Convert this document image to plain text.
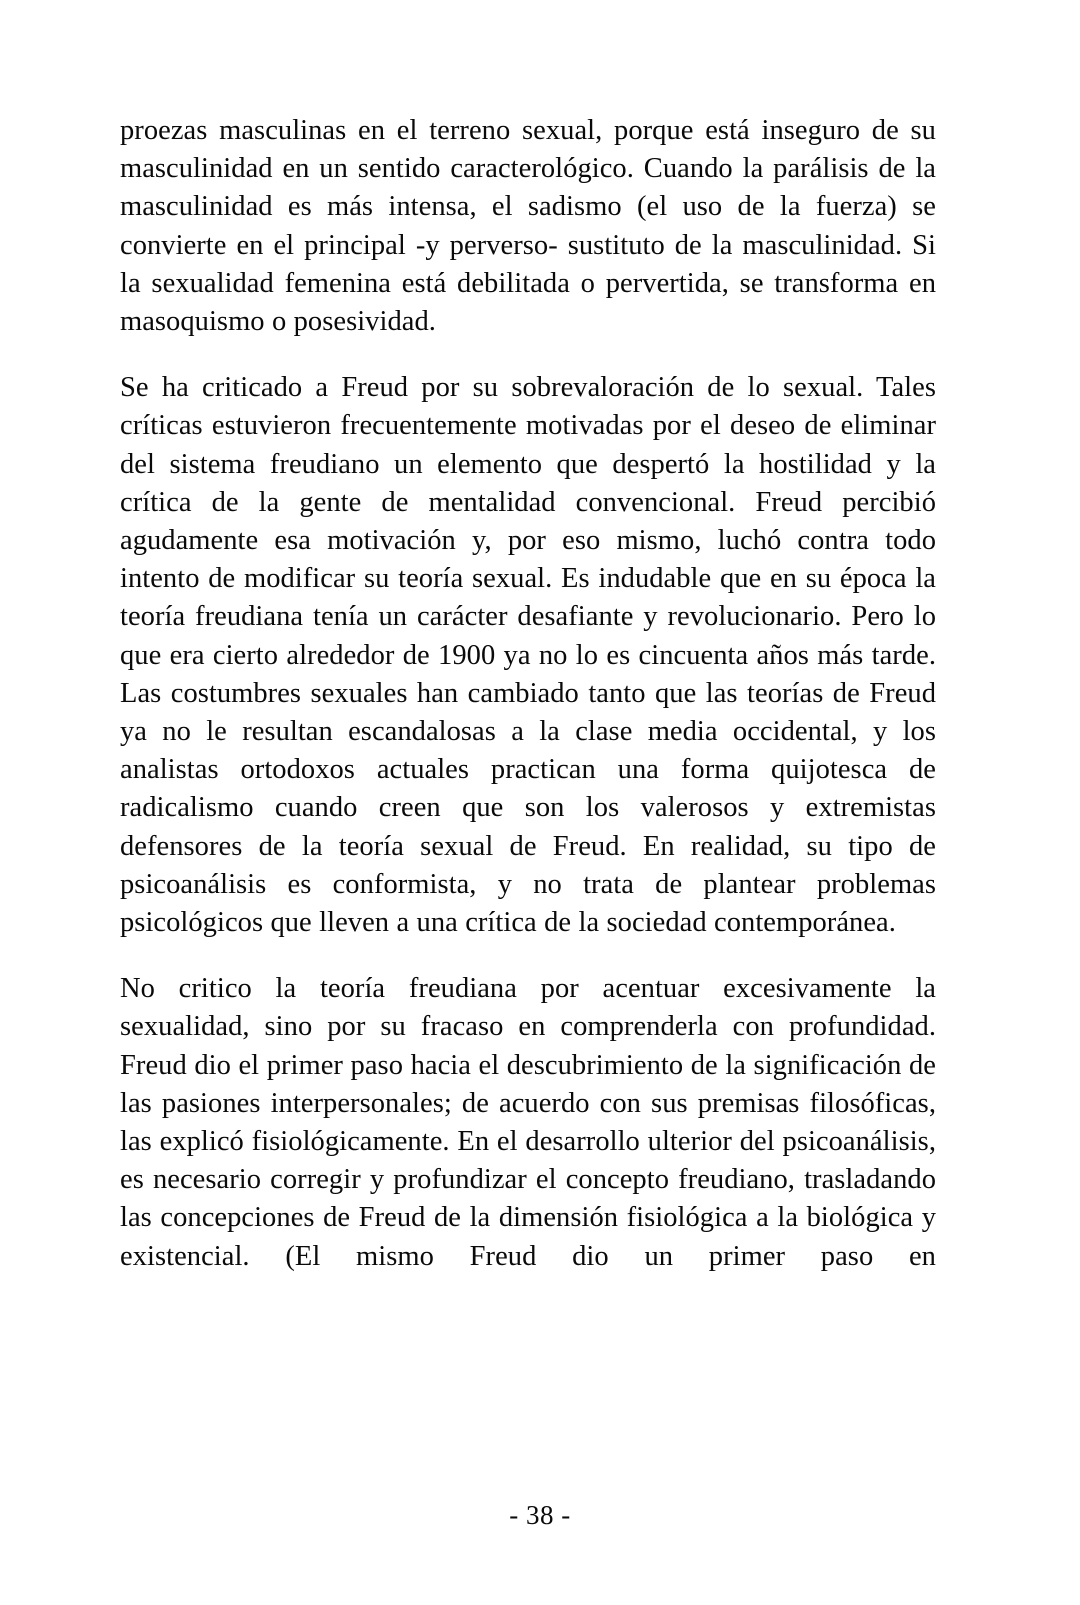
proezas masculinas en el terreno sexual, porque está inseguro de su masculinidad en un sentido caracterológico. Cuando la parálisis de la masculinidad es más intensa, el sadismo (el uso de la fuerza) se convierte en el principal -y perverso- sustituto de la masculinidad. Si la sexualidad femenina está debilitada o pervertida, se transforma en masoquismo o posesividad.

Se ha criticado a Freud por su sobrevaloración de lo sexual. Tales críticas estuvieron frecuentemente motivadas por el deseo de eliminar del sistema freudiano un elemento que despertó la hostilidad y la crítica de la gente de mentalidad convencional. Freud percibió agudamente esa motivación y, por eso mismo, luchó contra todo intento de modificar su teoría sexual. Es indudable que en su época la teoría freudiana tenía un carácter desafiante y revolucionario. Pero lo que era cierto alrededor de 1900 ya no lo es cincuenta años más tarde. Las costumbres sexuales han cambiado tanto que las teorías de Freud ya no le resultan escandalosas a la clase media occidental, y los analistas ortodoxos actuales practican una forma quijotesca de radicalismo cuando creen que son los valerosos y extremistas defensores de la teoría sexual de Freud. En realidad, su tipo de psicoanálisis es conformista, y no trata de plantear problemas psicológicos que lleven a una crítica de la sociedad contemporánea.

No critico la teoría freudiana por acentuar excesivamente la sexualidad, sino por su fracaso en comprenderla con profundidad. Freud dio el primer paso hacia el descubrimiento de la significación de las pasiones interpersonales; de acuerdo con sus premisas filosóficas, las explicó fisiológicamente. En el desarrollo ulterior del psicoanálisis, es necesario corregir y profundizar el concepto freudiano, trasladando las concepciones de Freud de la dimensión fisiológica a la biológica y existencial. (El mismo Freud dio un primer paso en

- 38 -
